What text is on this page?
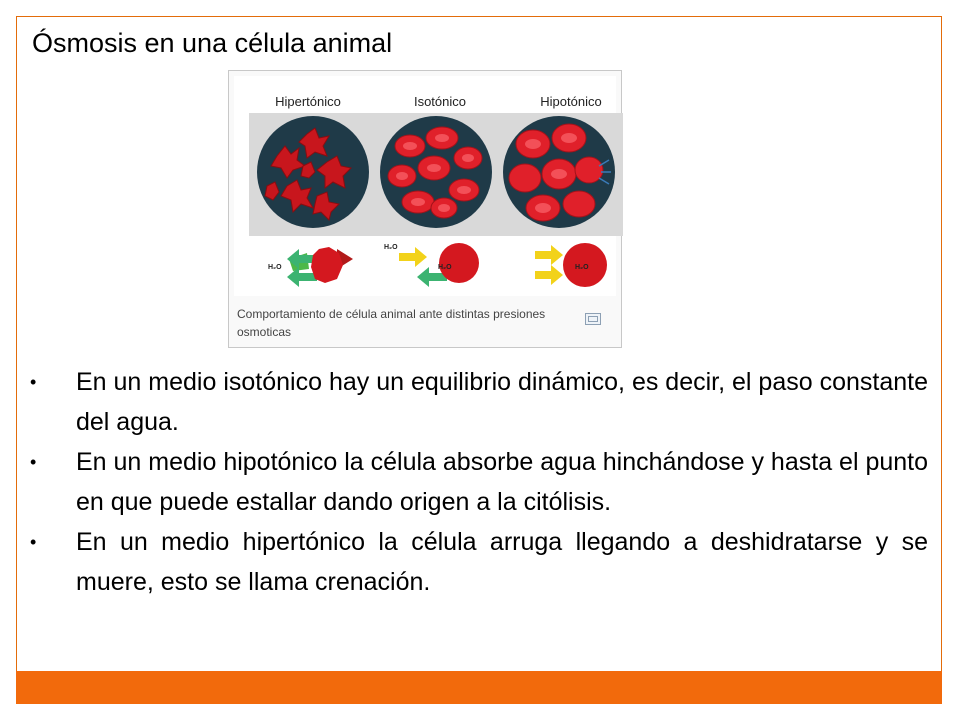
Ósmosis en una célula animal
Hipertónico	Isotónico	Hipotónico
H₂O
H₂O
H₂O	H₂O
Comportamiento de célula animal ante distintas presiones osmoticas
• En un medio isotónico hay un equilibrio dinámico, es decir, el paso constante del agua.
• En un medio hipotónico la célula absorbe agua hinchándose y hasta el punto en que puede estallar dando origen a la citólisis.
• En un medio hipertónico la célula arruga llegando a deshidratarse y se muere, esto se llama crenación.
